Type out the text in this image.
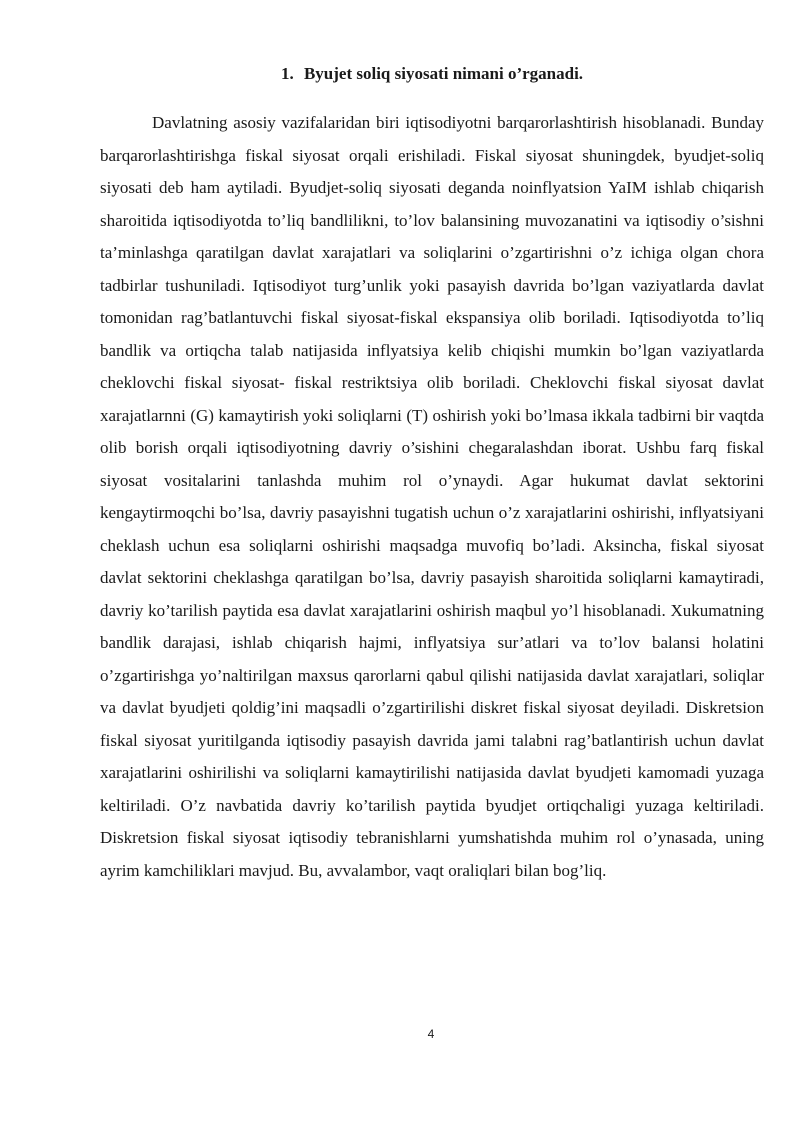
1. Byujet soliq siyosati nimani o’rganadi.

Davlatning asosiy vazifalaridan biri iqtisodiyotni barqarorlashtirish hisoblanadi. Bunday barqarorlashtirishga fiskal siyosat orqali erishiladi. Fiskal siyosat shuningdek, byudjet-soliq siyosati deb ham aytiladi. Byudjet-soliq siyosati deganda noinflyatsion YaIM ishlab chiqarish sharoitida iqtisodiyotda to’liq bandlilikni, to’lov balansining muvozanatini va iqtisodiy o’sishni ta’minlashga qaratilgan davlat xarajatlari va soliqlarini o’zgartirishni o’z ichiga olgan chora tadbirlar tushuniladi. Iqtisodiyot turg’unlik yoki pasayish davrida bo’lgan vaziyatlarda davlat tomonidan rag’batlantuvchi fiskal siyosat-fiskal ekspansiya olib boriladi. Iqtisodiyotda to’liq bandlik va ortiqcha talab natijasida inflyatsiya kelib chiqishi mumkin bo’lgan vaziyatlarda cheklovchi fiskal siyosat- fiskal restriktsiya olib boriladi. Cheklovchi fiskal siyosat davlat xarajatlarnni (G) kamaytirish yoki soliqlarni (T) oshirish yoki bo’lmasa ikkala tadbirni bir vaqtda olib borish orqali iqtisodiyotning davriy o’sishini chegaralashdan iborat. Ushbu farq fiskal siyosat vositalarini tanlashda muhim rol o’ynaydi. Agar hukumat davlat sektorini kengaytirmoqchi bo’lsa, davriy pasayishni tugatish uchun o’z xarajatlarini oshirishi, inflyatsiyani cheklash uchun esa soliqlarni oshirishi maqsadga muvofiq bo’ladi. Aksincha, fiskal siyosat davlat sektorini cheklashga qaratilgan bo’lsa, davriy pasayish sharoitida soliqlarni kamaytiradi, davriy ko’tarilish paytida esa davlat xarajatlarini oshirish maqbul yo’l hisoblanadi. Xukumatning bandlik darajasi, ishlab chiqarish hajmi, inflyatsiya sur’atlari va to’lov balansi holatini o’zgartirishga yo’naltirilgan maxsus qarorlarni qabul qilishi natijasida davlat xarajatlari, soliqlar va davlat byudjeti qoldig’ini maqsadli o’zgartirilishi diskret fiskal siyosat deyiladi. Diskretsion fiskal siyosat yuritilganda iqtisodiy pasayish davrida jami talabni rag’batlantirish uchun davlat xarajatlarini oshirilishi va soliqlarni kamaytirilishi natijasida davlat byudjeti kamomadi yuzaga keltiriladi. O’z navbatida davriy ko’tarilish paytida byudjet ortiqchaligi yuzaga keltiriladi. Diskretsion fiskal siyosat iqtisodiy tebranishlarni yumshatishda muhim rol o’ynasada, uning ayrim kamchiliklari mavjud. Bu, avvalambor, vaqt oraliqlari bilan bog’liq.

4
